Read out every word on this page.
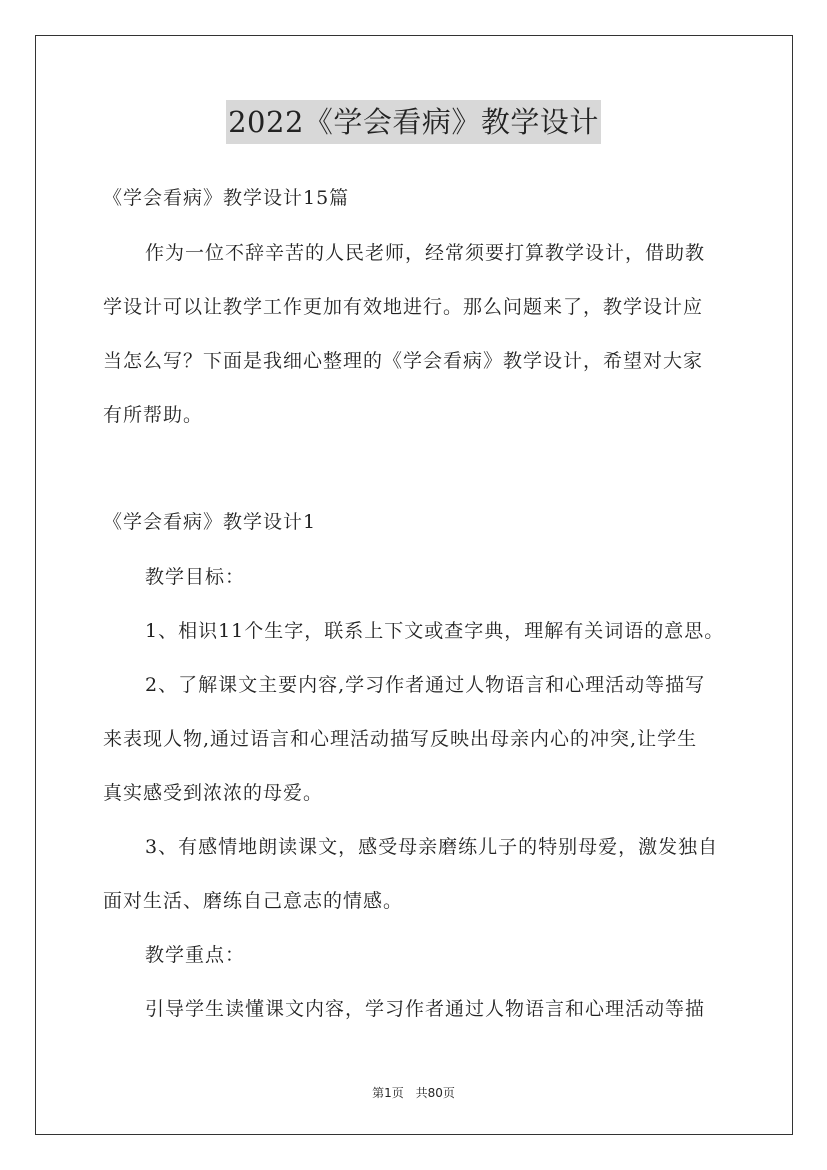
2022《学会看病》教学设计
《学会看病》教学设计15篇
作为一位不辞辛苦的人民老师，经常须要打算教学设计，借助教
学设计可以让教学工作更加有效地进行。那么问题来了，教学设计应
当怎么写？下面是我细心整理的《学会看病》教学设计，希望对大家
有所帮助。
《学会看病》教学设计1
教学目标：
1、相识11个生字，联系上下文或查字典，理解有关词语的意思。
2、了解课文主要内容,学习作者通过人物语言和心理活动等描写
来表现人物,通过语言和心理活动描写反映出母亲内心的冲突,让学生
真实感受到浓浓的母爱。
3、有感情地朗读课文，感受母亲磨练儿子的特别母爱，激发独自
面对生活、磨练自己意志的情感。
教学重点：
引导学生读懂课文内容，学习作者通过人物语言和心理活动等描
第1页 共80页
